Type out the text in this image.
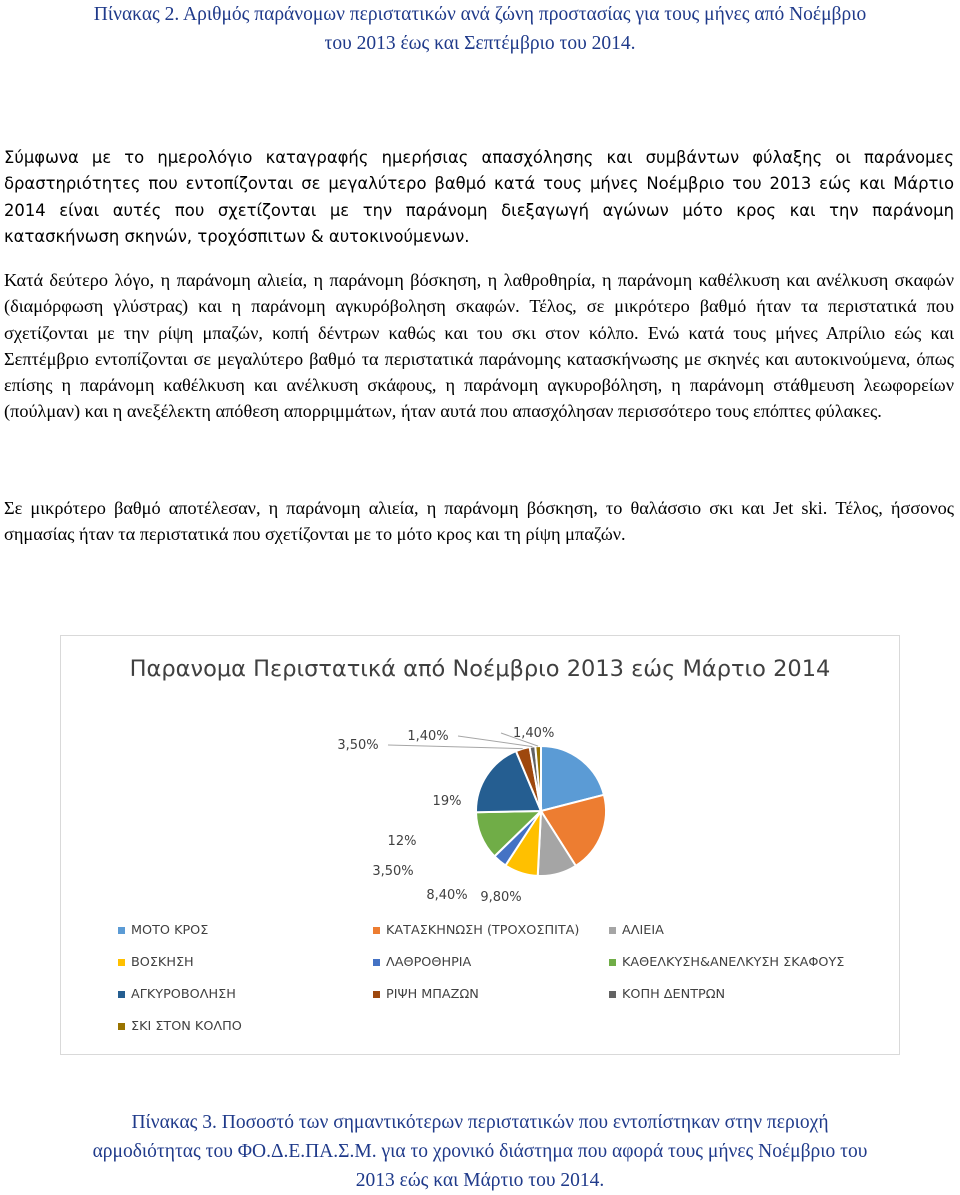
Πίνακας 2. Αριθμός παράνομων περιστατικών ανά ζώνη προστασίας για τους μήνες από Νοέμβριο
του 2013 έως και Σεπτέμβριο του 2014.
Σύμφωνα με το ημερολόγιο καταγραφής ημερήσιας απασχόλησης και συμβάντων φύλαξης οι παράνομες δραστηριότητες που εντοπίζονται σε μεγαλύτερο βαθμό κατά τους μήνες Νοέμβριο του 2013 εώς και Μάρτιο 2014 είναι αυτές που σχετίζονται με την παράνομη διεξαγωγή αγώνων μότο κρος και την παράνομη κατασκήνωση σκηνών, τροχόσπιτων & αυτοκινούμενων.
Κατά δεύτερο λόγο, η παράνομη αλιεία, η παράνομη βόσκηση, η λαθροθηρία, η παράνομη καθέλκυση και ανέλκυση σκαφών (διαμόρφωση γλύστρας) και η παράνομη αγκυρόβοληση σκαφών. Τέλος, σε μικρότερο βαθμό ήταν τα περιστατικά που σχετίζονται με την ρίψη μπαζών, κοπή δέντρων καθώς και του σκι στον κόλπο. Ενώ κατά τους μήνες Απρίλιο εώς και Σεπτέμβριο εντοπίζονται σε μεγαλύτερο βαθμό τα περιστατικά παράνομης κατασκήνωσης με σκηνές και αυτοκινούμενα, όπως επίσης η παράνομη καθέλκυση και ανέλκυση σκάφους, η παράνομη αγκυροβόληση, η παράνομη στάθμευση λεωφορείων (πούλμαν) και η ανεξέλεκτη απόθεση απορριμμάτων, ήταν αυτά που απασχόλησαν περισσότερο τους επόπτες φύλακες.
Σε μικρότερο βαθμό αποτέλεσαν, η παράνομη αλιεία, η παράνομη βόσκηση, το θαλάσσιο σκι και Jet ski. Τέλος, ήσσονος σημασίας ήταν τα περιστατικά που σχετίζονται με το μότο κρος και τη ρίψη μπαζών.
Παρανομα Περιστατικά από Νοέμβριο 2013 εώς Μάρτιο 2014
9,80%
8,40%
3,50%
12%
19%
3,50%
1,40%	1,40%
ΜΟΤΟ ΚΡΟΣ	ΚΑΤΑΣΚΗΝΩΣΗ (ΤΡΟΧΟΣΠΙΤΑ)	ΑΛΙΕΙΑ
ΒΟΣΚΗΣΗ	ΛΑΘΡΟΘΗΡΙΑ	ΚΑΘΕΛΚΥΣΗ&ΑΝΕΛΚΥΣΗ ΣΚΑΦΟΥΣ
ΑΓΚΥΡΟΒΟΛΗΣΗ	ΡΙΨΗ ΜΠΑΖΩΝ	ΚΟΠΗ ΔΕΝΤΡΩΝ
ΣΚΙ ΣΤΟΝ ΚΟΛΠΟ
Πίνακας 3. Ποσοστό των σημαντικότερων περιστατικών που εντοπίστηκαν στην περιοχή
αρμοδιότητας του ΦΟ.Δ.Ε.ΠΑ.Σ.Μ. για το χρονικό διάστημα που αφορά τους μήνες Νοέμβριο του
2013 εώς και Μάρτιο του 2014.
